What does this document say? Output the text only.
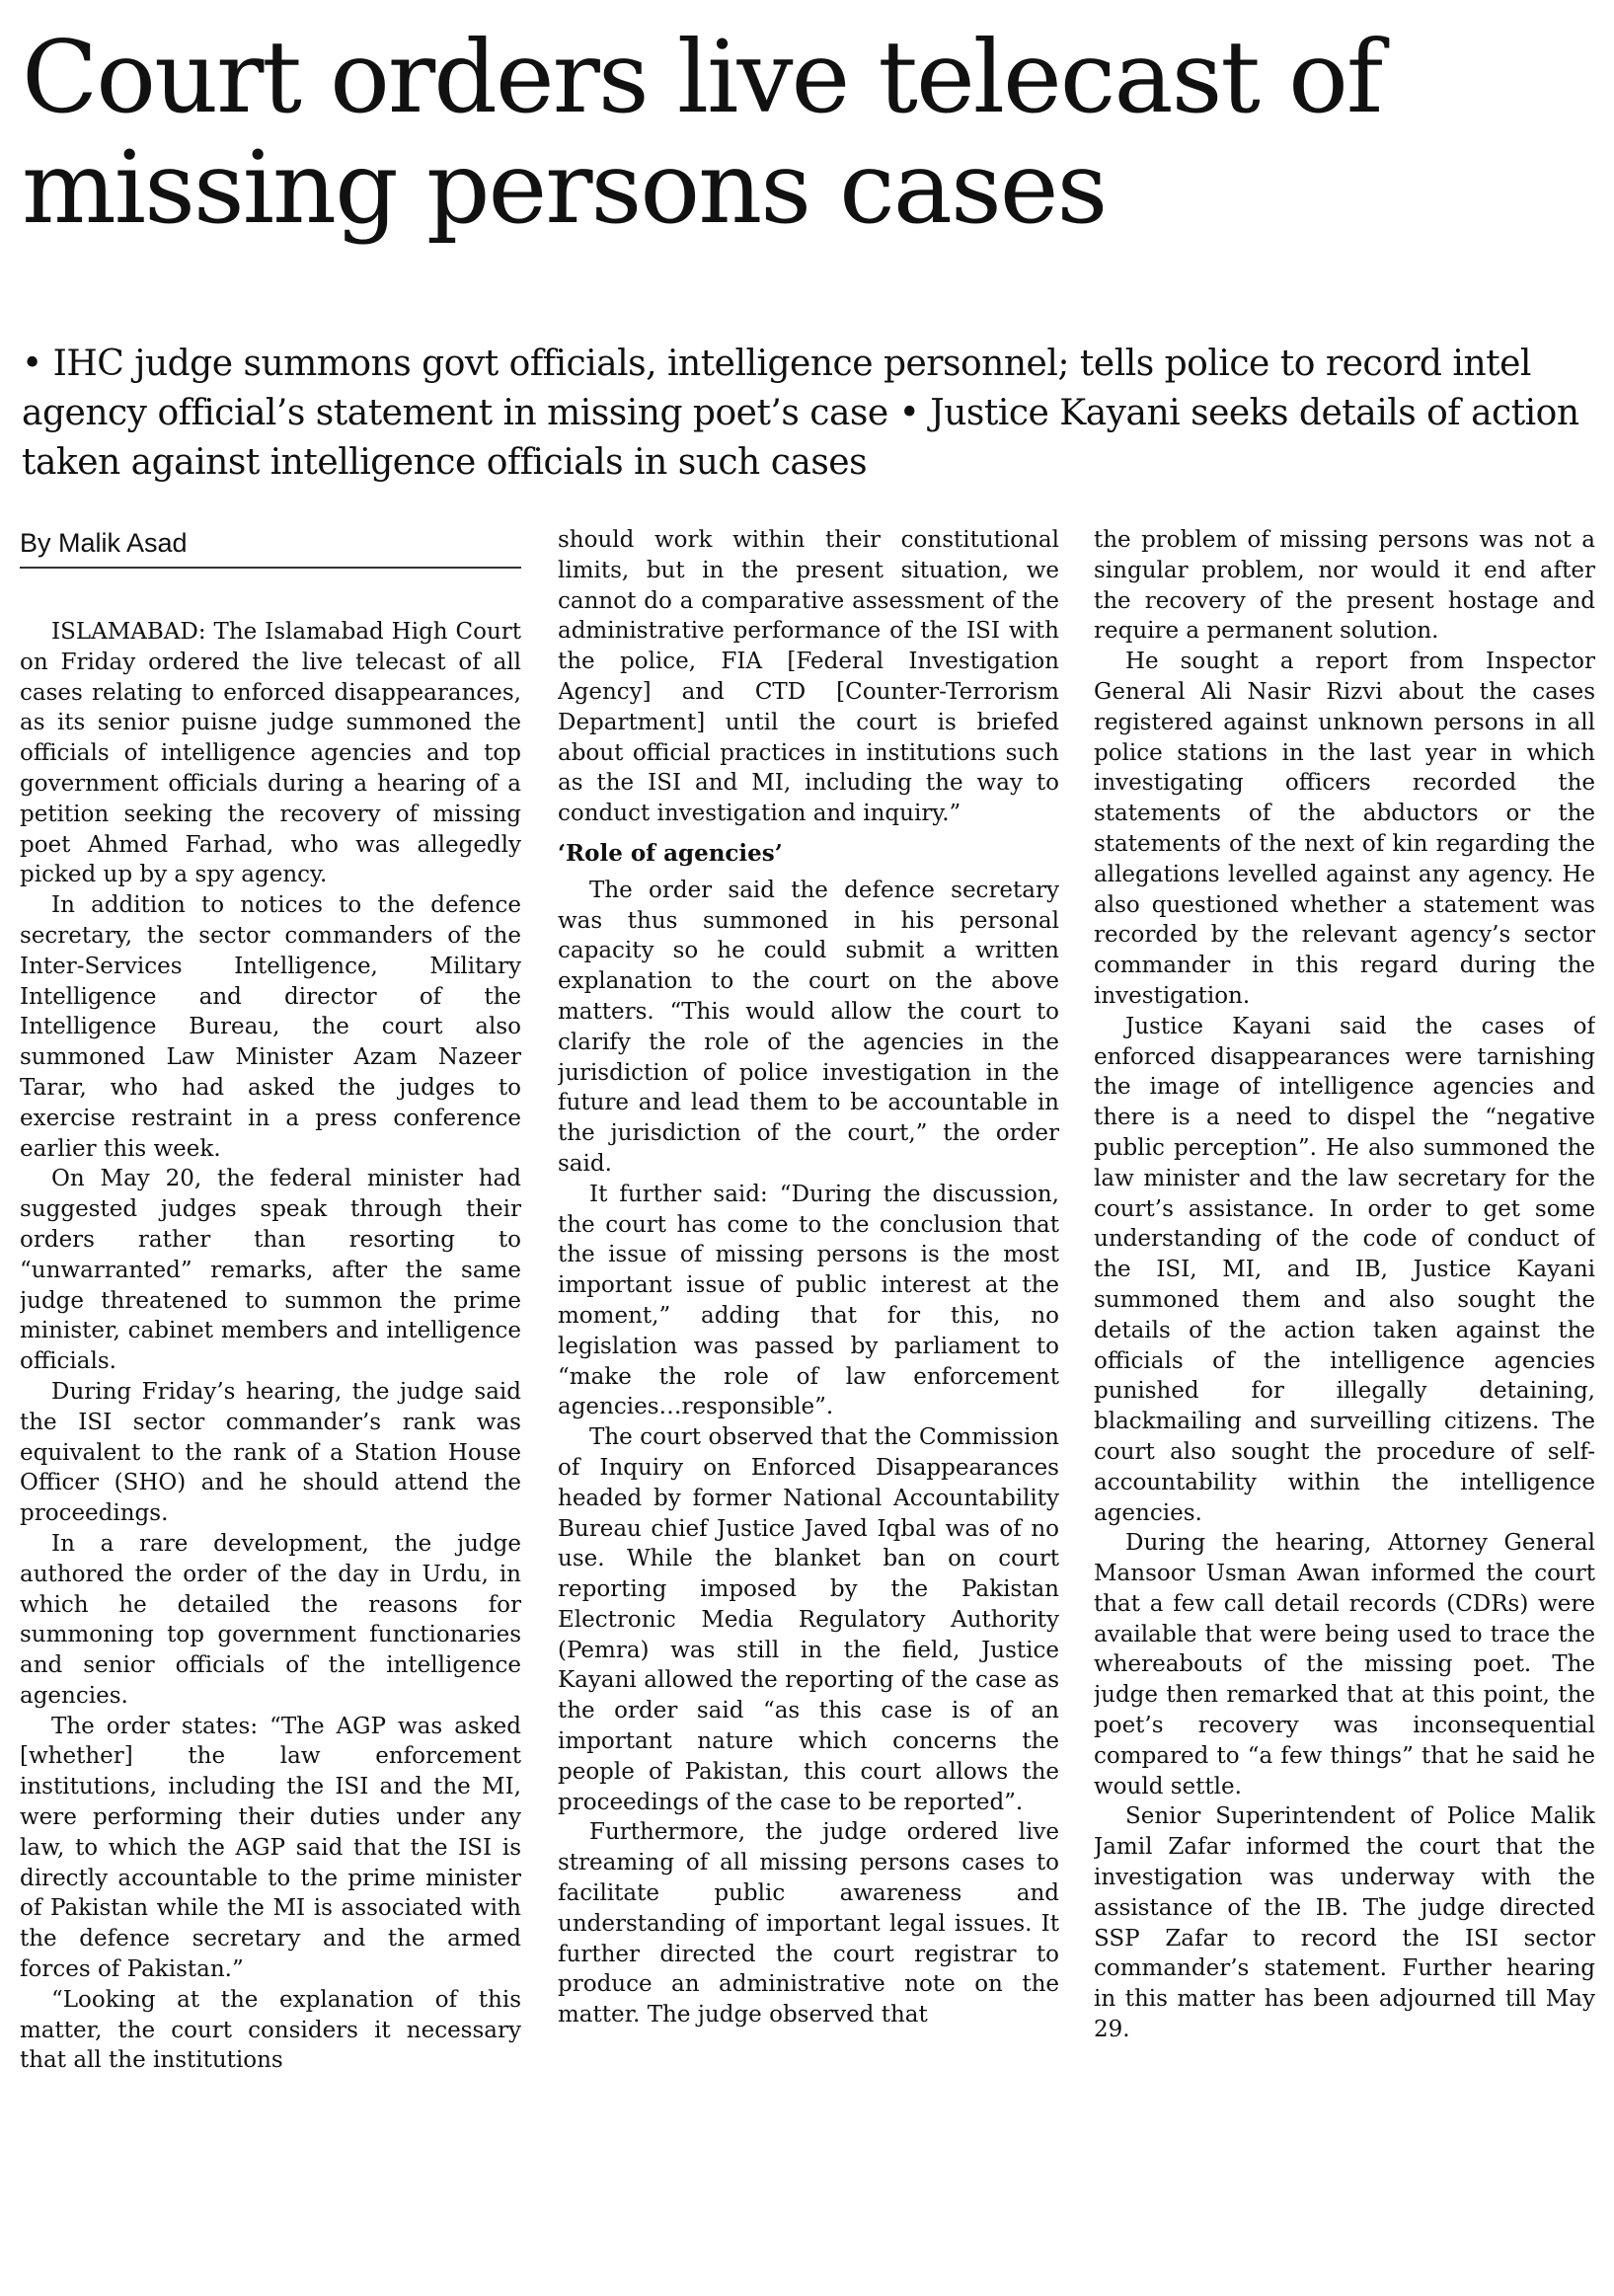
Court orders live telecast of missing persons cases
• IHC judge summons govt officials, intelligence personnel; tells police to record intel agency official’s statement in missing poet’s case • Justice Kayani seeks details of action taken against intelligence officials in such cases
By Malik Asad

ISLAMABAD: The Islamabad High Court on Friday ordered the live telecast of all cases relating to enforced disappearances, as its senior puisne judge summoned the officials of intelligence agencies and top government officials during a hearing of a petition seeking the recovery of missing poet Ahmed Farhad, who was allegedly picked up by a spy agency.

In addition to notices to the defence secretary, the sector commanders of the Inter-Services Intelligence, Military Intelligence and director of the Intelligence Bureau, the court also summoned Law Minister Azam Nazeer Tarar, who had asked the judges to exercise restraint in a press conference earlier this week.

On May 20, the federal minister had suggested judges speak through their orders rather than resorting to “unwarranted” remarks, after the same judge threatened to summon the prime minister, cabinet members and intelligence officials.

During Friday’s hearing, the judge said the ISI sector commander’s rank was equivalent to the rank of a Station House Officer (SHO) and he should attend the proceedings.

In a rare development, the judge authored the order of the day in Urdu, in which he detailed the reasons for summoning top government functionaries and senior officials of the intelligence agencies.

The order states: “The AGP was asked [whether] the law enforcement institutions, including the ISI and the MI, were performing their duties under any law, to which the AGP said that the ISI is directly accountable to the prime minister of Pakistan while the MI is associated with the defence secretary and the armed forces of Pakistan.”

“Looking at the explanation of this matter, the court considers it necessary that all the institutions

should work within their constitutional limits, but in the present situation, we cannot do a comparative assessment of the administrative performance of the ISI with the police, FIA [Federal Investigation Agency] and CTD [Counter-Terrorism Department] until the court is briefed about official practices in institutions such as the ISI and MI, including the way to conduct investigation and inquiry.”

‘Role of agencies’

The order said the defence secretary was thus summoned in his personal capacity so he could submit a written explanation to the court on the above matters. “This would allow the court to clarify the role of the agencies in the jurisdiction of police investigation in the future and lead them to be accountable in the jurisdiction of the court,” the order said.

It further said: “During the discussion, the court has come to the conclusion that the issue of missing persons is the most important issue of public interest at the moment,” adding that for this, no legislation was passed by parliament to “make the role of law enforcement agencies…responsible”.

The court observed that the Commission of Inquiry on Enforced Disappearances headed by former National Accountability Bureau chief Justice Javed Iqbal was of no use. While the blanket ban on court reporting imposed by the Pakistan Electronic Media Regulatory Authority (Pemra) was still in the field, Justice Kayani allowed the reporting of the case as the order said “as this case is of an important nature which concerns the people of Pakistan, this court allows the proceedings of the case to be reported”.

Furthermore, the judge ordered live streaming of all missing persons cases to facilitate public awareness and understanding of important legal issues. It further directed the court registrar to produce an administrative note on the matter. The judge observed that

the problem of missing persons was not a singular problem, nor would it end after the recovery of the present hostage and require a permanent solution.

He sought a report from Inspector General Ali Nasir Rizvi about the cases registered against unknown persons in all police stations in the last year in which investigating officers recorded the statements of the abductors or the statements of the next of kin regarding the allegations levelled against any agency. He also questioned whether a statement was recorded by the relevant agency’s sector commander in this regard during the investigation.

Justice Kayani said the cases of enforced disappearances were tarnishing the image of intelligence agencies and there is a need to dispel the “negative public perception”. He also summoned the law minister and the law secretary for the court’s assistance. In order to get some understanding of the code of conduct of the ISI, MI, and IB, Justice Kayani summoned them and also sought the details of the action taken against the officials of the intelligence agencies punished for illegally detaining, blackmailing and surveilling citizens. The court also sought the procedure of self-accountability within the intelligence agencies.

During the hearing, Attorney General Mansoor Usman Awan informed the court that a few call detail records (CDRs) were available that were being used to trace the whereabouts of the missing poet. The judge then remarked that at this point, the poet’s recovery was inconsequential compared to “a few things” that he said he would settle.

Senior Superintendent of Police Malik Jamil Zafar informed the court that the investigation was underway with the assistance of the IB. The judge directed SSP Zafar to record the ISI sector commander’s statement. Further hearing in this matter has been adjourned till May 29.
